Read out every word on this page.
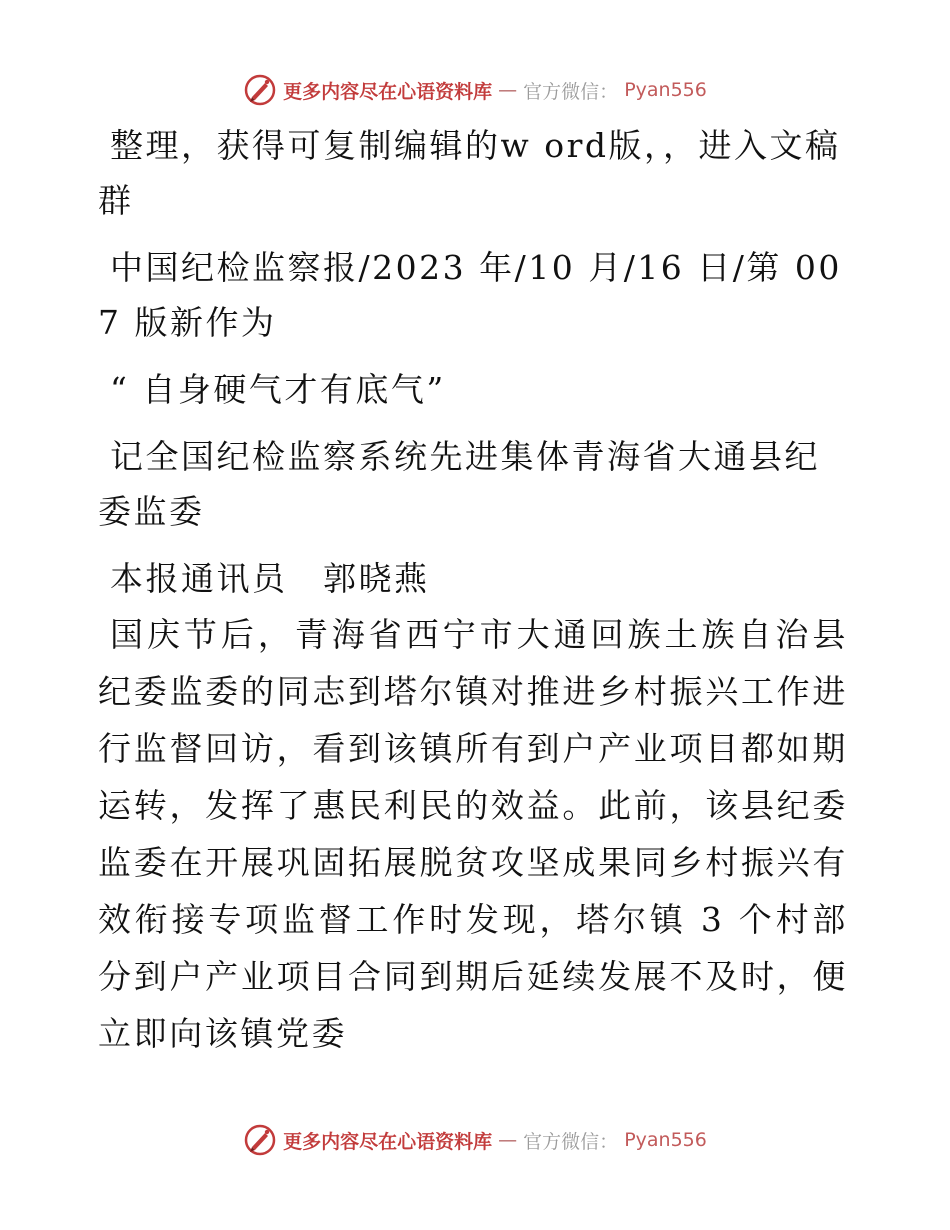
更多内容尽在心语资料库 — 官方微信： Pyan556

整理，获得可复制编辑的w ord版，，进入文稿群

中国纪检监察报/2023 年/10 月/16 日/第 007 版新作为

“ 自身硬气才有底气”

记全国纪检监察系统先进集体青海省大通县纪委监委

本报通讯员　郭晓燕

国庆节后，青海省西宁市大通回族土族自治县纪委监委的同志到塔尔镇对推进乡村振兴工作进行监督回访，看到该镇所有到户产业项目都如期运转，发挥了惠民利民的效益。此前，该县纪委监委在开展巩固拓展脱贫攻坚成果同乡村振兴有效衔接专项监督工作时发现，塔尔镇 3 个村部分到户产业项目合同到期后延续发展不及时，便立即向该镇党委

更多内容尽在心语资料库 — 官方微信： Pyan556
